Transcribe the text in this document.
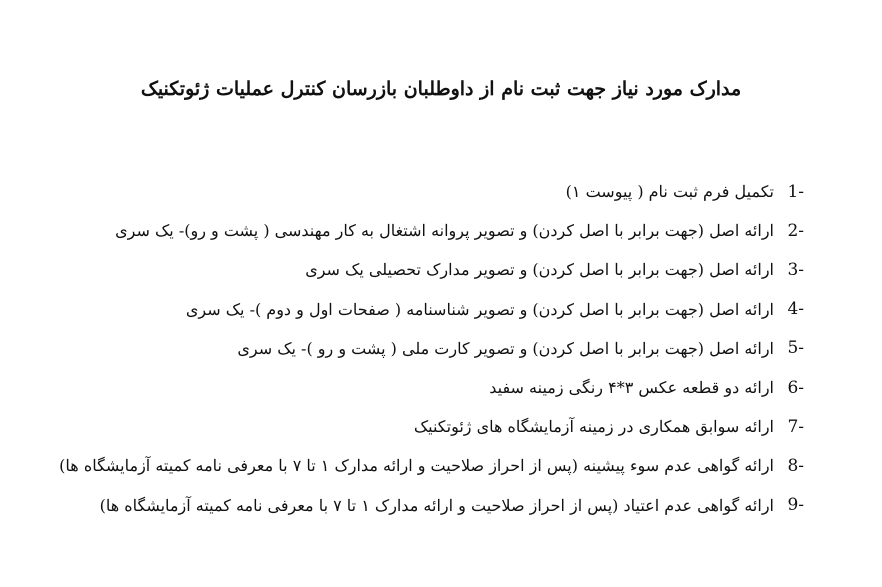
مدارک مورد نیاز جهت ثبت نام از داوطلبان بازرسان کنترل عملیات ژئوتکنیک
1-
تکمیل فرم ثبت نام ( پیوست ۱)
2-
ارائه اصل (جهت برابر با اصل کردن) و تصویر پروانه اشتغال به کار مهندسی ( پشت و رو)- یک سری
3-
ارائه اصل (جهت برابر با اصل کردن) و تصویر مدارک تحصیلی یک سری
4-
ارائه اصل (جهت برابر با اصل کردن) و تصویر شناسنامه ( صفحات اول و دوم )- یک سری
5-
ارائه اصل (جهت برابر با اصل کردن) و تصویر کارت ملی ( پشت و رو )- یک سری
6-
ارائه دو قطعه عکس ۳*۴ رنگی زمینه سفید
7-
ارائه سوابق همکاری در زمینه آزمایشگاه های ژئوتکنیک
8-
ارائه گواهی عدم سوء پیشینه (پس از احراز صلاحیت و ارائه مدارک ۱ تا ۷ با معرفی نامه کمیته آزمایشگاه ها)
9-
ارائه گواهی عدم اعتیاد (پس از احراز صلاحیت و ارائه مدارک ۱ تا ۷ با معرفی نامه کمیته آزمایشگاه ها)
